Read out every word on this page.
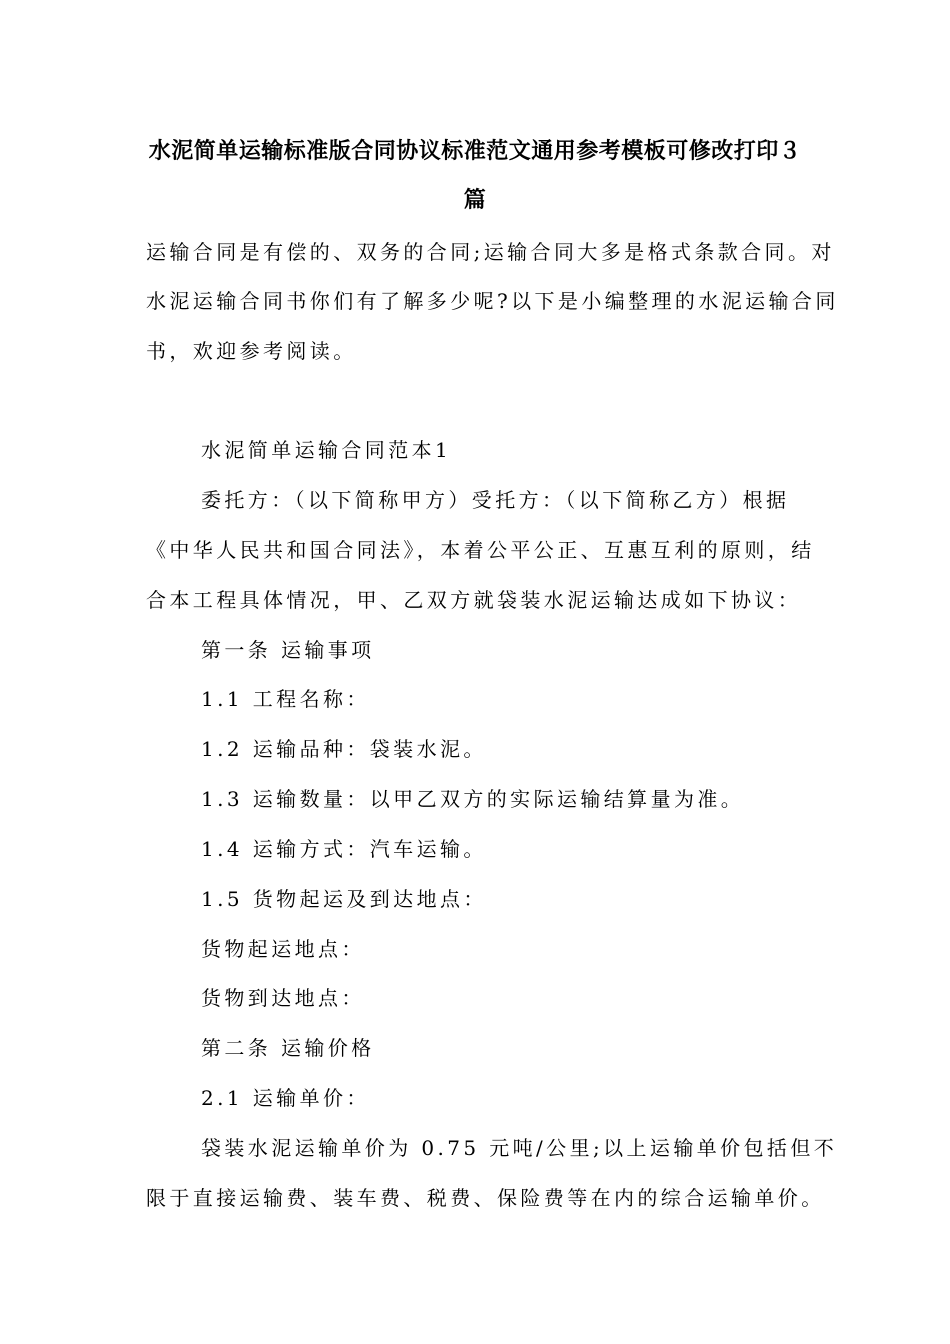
水泥简单运输标准版合同协议标准范文通用参考模板可修改打印３
篇

运输合同是有偿的、双务的合同;运输合同大多是格式条款合同。对

水泥运输合同书你们有了解多少呢?以下是小编整理的水泥运输合同

书，欢迎参考阅读。

水泥简单运输合同范本1

委托方：（以下简称甲方）受托方：（以下简称乙方）根据

《中华人民共和国合同法》，本着公平公正、互惠互利的原则，结

合本工程具体情况，甲、乙双方就袋装水泥运输达成如下协议：

第一条 运输事项

1.1 工程名称：

1.2 运输品种：袋装水泥。

1.3 运输数量：以甲乙双方的实际运输结算量为准。

1.4 运输方式：汽车运输。

1.5 货物起运及到达地点：

货物起运地点：

货物到达地点：

第二条 运输价格

2.1 运输单价：

袋装水泥运输单价为 0.75 元吨/公里;以上运输单价包括但不

限于直接运输费、装车费、税费、保险费等在内的综合运输单价。
